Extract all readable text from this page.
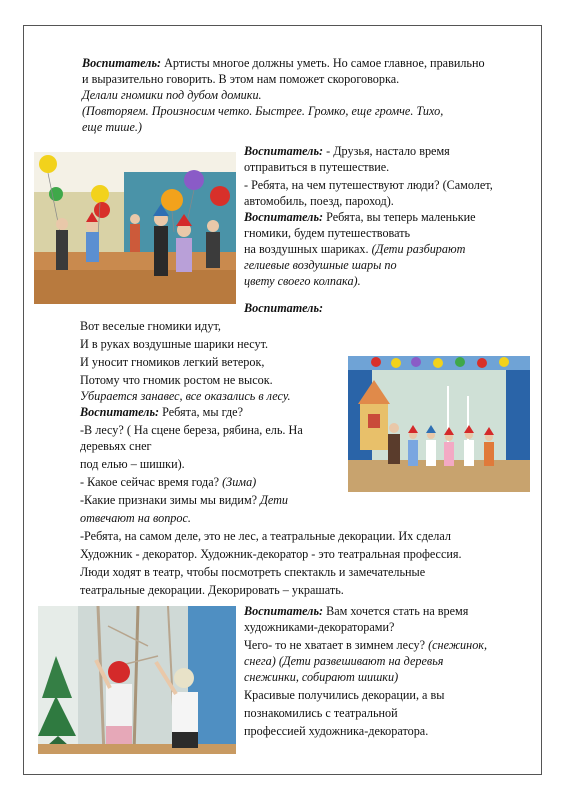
Воспитатель: Артисты многое должны уметь. Но самое главное, правильно
и выразительно говорить. В этом нам поможет скороговорка.
Делали гномики под дубом домики.
(Повторяем. Произносим четко. Быстрее. Громко, еще громче. Тихо,
еще тише.)
Воспитатель: - Друзья, настало время
отправиться в путешествие.
- Ребята, на чем путешествуют люди? (Самолет,
автомобиль, поезд, пароход).
Воспитатель: Ребята, вы теперь маленькие
гномики, будем путешествовать
на воздушных шариках. (Дети разбирают
гелиевые воздушные шары по
цвету своего колпака).
Воспитатель:
Вот веселые гномики идут,
И в руках воздушные шарики несут.
И уносит гномиков легкий ветерок,
Потому что гномик ростом не высок.
Убирается занавес, все оказались в лесу.
Воспитатель: Ребята, мы где?
-В лесу? ( На сцене береза, рябина, ель. На
деревьях снег
под елью – шишки).
- Какое сейчас время года? (Зима)
-Какие признаки зимы мы видим? Дети
отвечают на вопрос.
-Ребята, на самом деле, это не лес, а театральные декорации. Их сделал
Художник - декоратор. Художник-декоратор - это театральная профессия.
Люди ходят в театр, чтобы посмотреть спектакль и замечательные
театральные декорации. Декорировать – украшать.
Воспитатель: Вам хочется стать на время
художниками-декораторами?
Чего- то не хватает в зимнем лесу? (снежинок,
снега) (Дети развешивают на деревья
снежинки, собирают шишки)
Красивые получились декорации, а вы
познакомились с театральной
профессией художника-декоратора.
